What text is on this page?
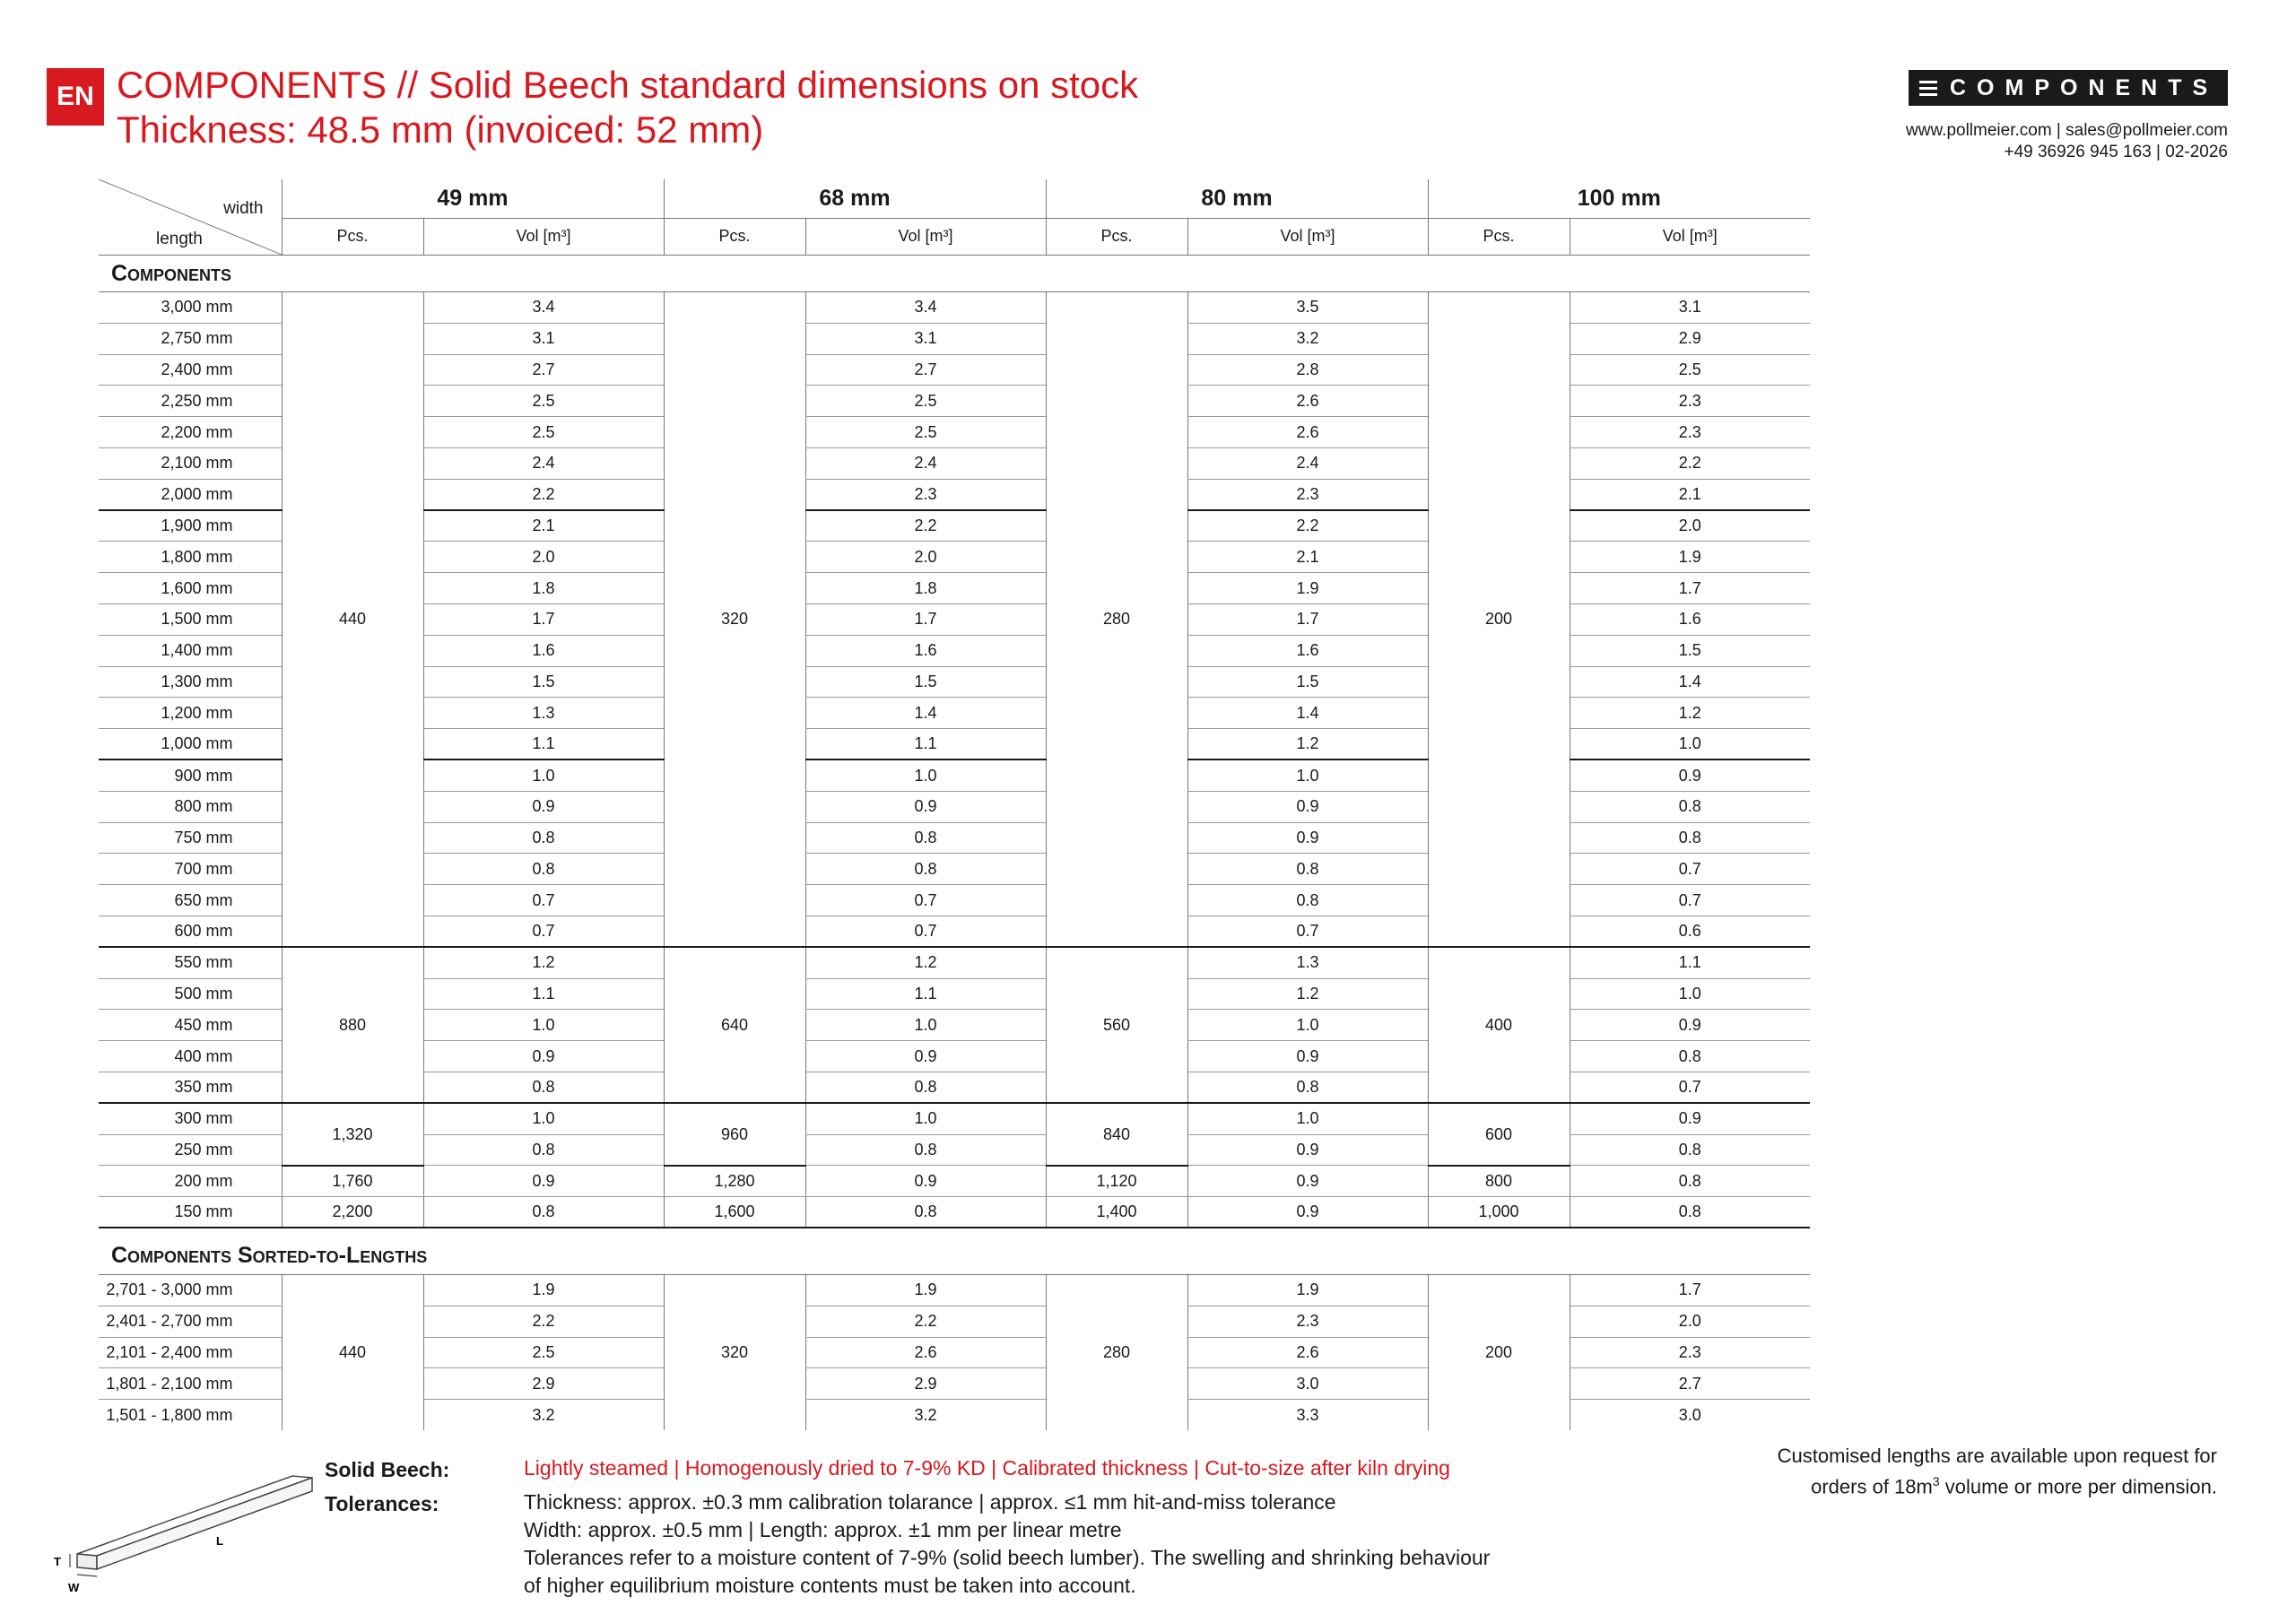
EN COMPONENTS // Solid Beech standard dimensions on stock
Thickness: 48.5 mm (invoiced: 52 mm)
COMPONENTS
www.pollmeier.com | sales@pollmeier.com
+49 36926 945 163 | 02-2026
width
length	49 mm		68 mm		80 mm		100 mm	
	Pcs.	Vol [m³]	Pcs.	Vol [m³]	Pcs.	Vol [m³]	Pcs.	Vol [m³]
Components								
3,000 mm	440	3.4	320	3.4	280	3.5	200	3.1
2,750 mm		3.1		3.1		3.2		2.9
2,400 mm		2.7		2.7		2.8		2.5
2,250 mm		2.5		2.5		2.6		2.3
2,200 mm		2.5		2.5		2.6		2.3
2,100 mm		2.4		2.4		2.4		2.2
2,000 mm		2.2		2.3		2.3		2.1
1,900 mm		2.1		2.2		2.2		2.0
1,800 mm		2.0		2.0		2.1		1.9
1,600 mm		1.8		1.8		1.9		1.7
1,500 mm		1.7		1.7		1.7		1.6
1,400 mm		1.6		1.6		1.6		1.5
1,300 mm		1.5		1.5		1.5		1.4
1,200 mm		1.3		1.4		1.4		1.2
1,000 mm		1.1		1.1		1.2		1.0
900 mm		1.0		1.0		1.0		0.9
800 mm		0.9		0.9		0.9		0.8
750 mm		0.8		0.8		0.9		0.8
700 mm		0.8		0.8		0.8		0.7
650 mm		0.7		0.7		0.8		0.7
600 mm		0.7		0.7		0.7		0.6
550 mm	880	1.2	640	1.2	560	1.3	400	1.1
500 mm		1.1		1.1		1.2		1.0
450 mm		1.0		1.0		1.0		0.9
400 mm		0.9		0.9		0.9		0.8
350 mm		0.8		0.8		0.8		0.7
300 mm	1,320	1.0	960	1.0	840	1.0	600	0.9
250 mm		0.8		0.8		0.9		0.8
200 mm	1,760	0.9	1,280	0.9	1,120	0.9	800	0.8
150 mm	2,200	0.8	1,600	0.8	1,400	0.9	1,000	0.8
Components Sorted-to-Lengths								
2,701 - 3,000 mm	440	1.9	320	1.9	280	1.9	200	1.7
2,401 - 2,700 mm		2.2		2.2		2.3		2.0
2,101 - 2,400 mm		2.5		2.6		2.6		2.3
1,801 - 2,100 mm		2.9		2.9		3.0		2.7
1,501 - 1,800 mm		3.2		3.2		3.3		3.0
T
L
W
Solid Beech:	Lightly steamed | Homogenously dried to 7-9% KD | Calibrated thickness | Cut-to-size after kiln drying
Tolerances:	Thickness: approx. ±0.3 mm calibration tolarance | approx. ≤1 mm hit-and-miss tolerance
Width: approx. ±0.5 mm | Length: approx. ±1 mm per linear metre
Tolerances refer to a moisture content of 7-9% (solid beech lumber). The swelling and shrinking behaviour
of higher equilibrium moisture contents must be taken into account.
Customised lengths are available upon request for
orders of $18m^3$ volume or more per dimension.
